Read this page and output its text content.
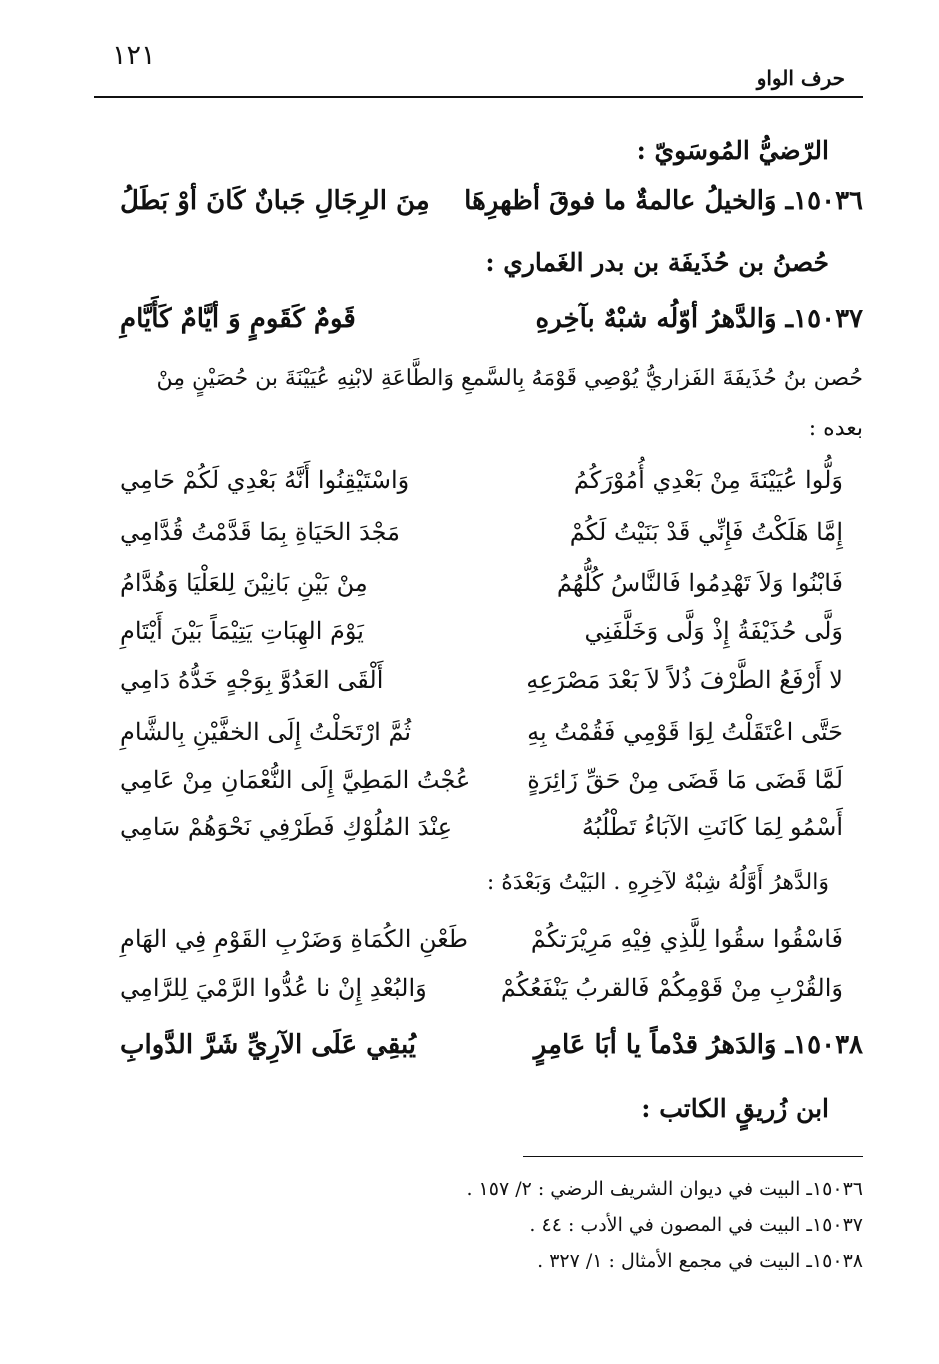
١٢١
حرف الواو
الرّضيُّ المُوسَويّ :
١٥٠٣٦ـ وَالخيلُ عالمةٌ ما فوقَ أظهرِهَا
مِنَ الرِجَالِ جَبانٌ كَانَ أوْ بَطَلُ
حُصنُ بن حُذَيفَة بن بدر الغَماري :
١٥٠٣٧ـ وَالدَّهرُ أوّلُه شبْهٌ بآخِرهِ
قَومٌ كَقَومٍ وَ أيَّامٌ كَأَيَّامِ
حُصن بنُ حُذَيفَةَ الفَزاريُّ يُوْصِي قَوْمَهُ بِالسَّمعِ وَالطَّاعَةِ لابْنِهِ عُيَيْنَةَ بن حُصَيْنٍ مِنْ
بعده :
وَلُّوا عُيَيْنَةَ مِنْ بَعْدِي أُمُوْرَكُمُ
وَاسْتَيْقِنُوا أَنَّهُ بَعْدِي لَكُمْ حَامِي
إِمَّا هَلَكْتُ فَإِنِّي قَدْ بَنَيْتُ لَكُمْ
مَجْدَ الحَيَاةِ بِمَا قَدَّمْتُ قُدَّامِي
فَابْنُوا وَلاَ تَهْدِمُوا فَالنَّاسُ كُلُّهُمُ
مِنْ بَيْنِ بَانِيْنَ لِلعَلْيَا وَهُدَّامُ
وَلَّى حُذَيْفَةُ إِذْ وَلَّى وَخَلَّفَنِي
يَوْمَ الهِبَاتِ يَتِيْمَاً بَيْنَ أَيْتَامِ
لا أَرْفَعُ الطَّرْفَ ذُلاً لاَ بَعْدَ مَصْرَعِهِ
أَلْقَى العَدُوَّ بِوَجْهٍ خَدُّهُ دَامِي
حَتَّى اعْتَقَلْتُ لِوَا قَوْمِي فَقُمْتُ بِهِ
ثُمَّ ارْتَحَلْتُ إِلَى الخفَّيْنِ بِالشَّامِ
لَمَّا قَضَى مَا قَضَى مِنْ حَقِّ زَائِرَةٍ
عُجْتُ المَطِيَّ إِلَى النُّعْمَانِ مِنْ عَامِي
أَسْمُو لِمَا كَانَتِ الآبَاءُ تَطْلُبُهُ
عِنْدَ المُلُوْكِ فَطَرْفِي نَحْوَهُمْ سَامِي
وَالدَّهرُ أَوَّلُهُ شِبْهٌ لآخِرِهِ . البَيْتُ وَبَعْدَهُ :
فَاسْقُوا سقُوا لِلَّذِي فِيْهِ مَرِيْرَتكُمْ
طَعْنِ الكُمَاةِ وَضَرْبِ القَوْمِ فِي الهَامِ
وَالقُرْبِ مِنْ قَوْمِكُمْ فَالقربُ يَنْفَعُكُمْ
وَالبُعْدِ إِنْ نا عُدُّوا الرَّمْيَ لِلرَّامِي
١٥٠٣٨ـ وَالدَهرُ قدْماً يا أبَا عَامِرٍ
يُبقِي عَلَى الآرِيِّ شَرَّ الدَّوابِ
ابن زُريقٍ الكاتب :
١٥٠٣٦ـ البيت في ديوان الشريف الرضي : ٢/ ١٥٧ .
١٥٠٣٧ـ البيت في المصون في الأدب : ٤٤ .
١٥٠٣٨ـ البيت في مجمع الأمثال : ١/ ٣٢٧ .
